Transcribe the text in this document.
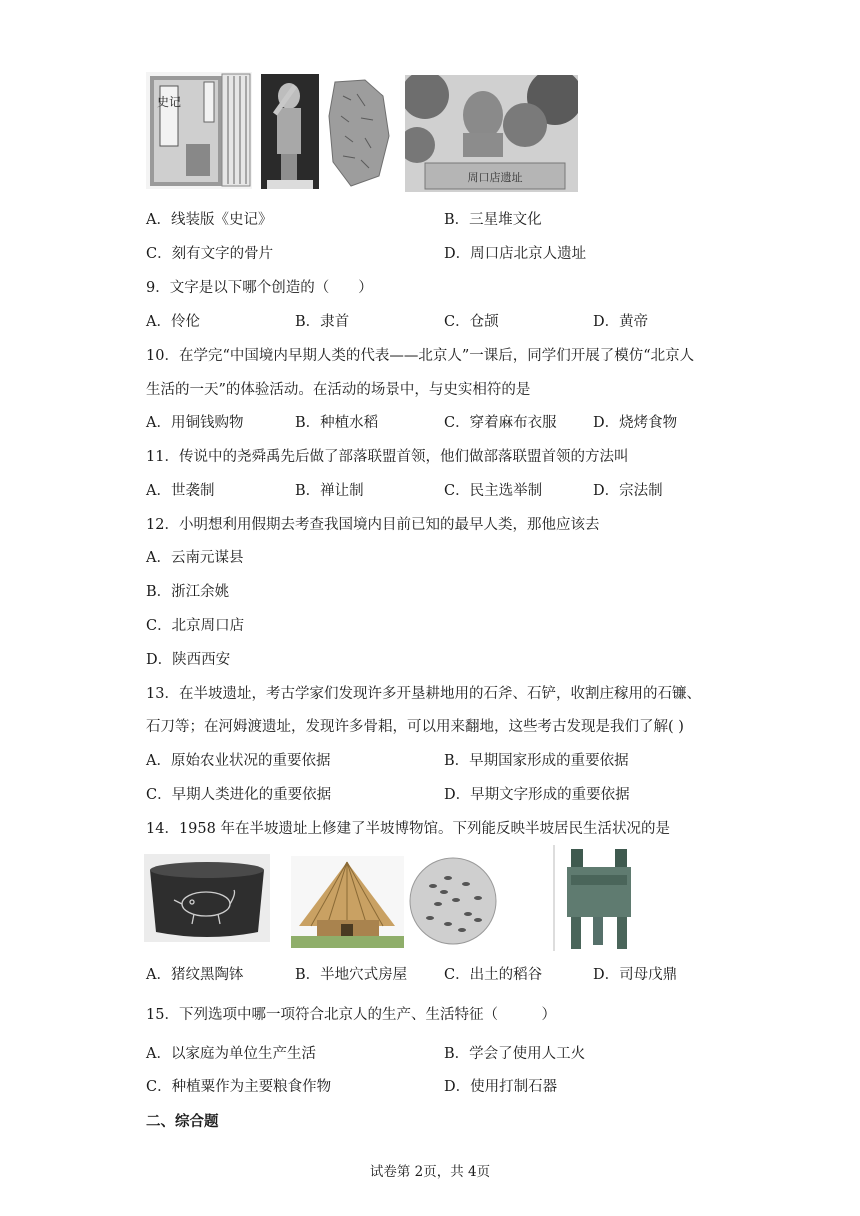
史记
周口店遗址
A．线装版《史记》	B．三星堆文化
C．刻有文字的骨片	D．周口店北京人遗址
9．文字是以下哪个创造的（　　）
A．伶伦	B．隶首	C．仓颉	D．黄帝
10．在学完“中国境内早期人类的代表——北京人”一课后，同学们开展了模仿“北京人
生活的一天”的体验活动。在活动的场景中，与史实相符的是
A．用铜钱购物	B．种植水稻	C．穿着麻布衣服	D．烧烤食物
11．传说中的尧舜禹先后做了部落联盟首领，他们做部落联盟首领的方法叫
A．世袭制	B．禅让制	C．民主选举制	D．宗法制
12．小明想利用假期去考查我国境内目前已知的最早人类，那他应该去
A．云南元谋县
B．浙江余姚
C．北京周口店
D．陕西西安
13．在半坡遗址，考古学家们发现许多开垦耕地用的石斧、石铲，收割庄稼用的石镰、
石刀等；在河姆渡遗址，发现许多骨耜，可以用来翻地，这些考古发现是我们了解( )
A．原始农业状况的重要依据	B．早期国家形成的重要依据
C．早期人类进化的重要依据	D．早期文字形成的重要依据
14．1958 年在半坡遗址上修建了半坡博物馆。下列能反映半坡居民生活状况的是
A．猪纹黑陶钵	B．半地穴式房屋	C．出土的稻谷	D．司母戊鼎
15．下列选项中哪一项符合北京人的生产、生活特征（　　　）
A．以家庭为单位生产生活	B．学会了使用人工火
C．种植粟作为主要粮食作物	D．使用打制石器
二、综合题
试卷第 2页，共 4页
